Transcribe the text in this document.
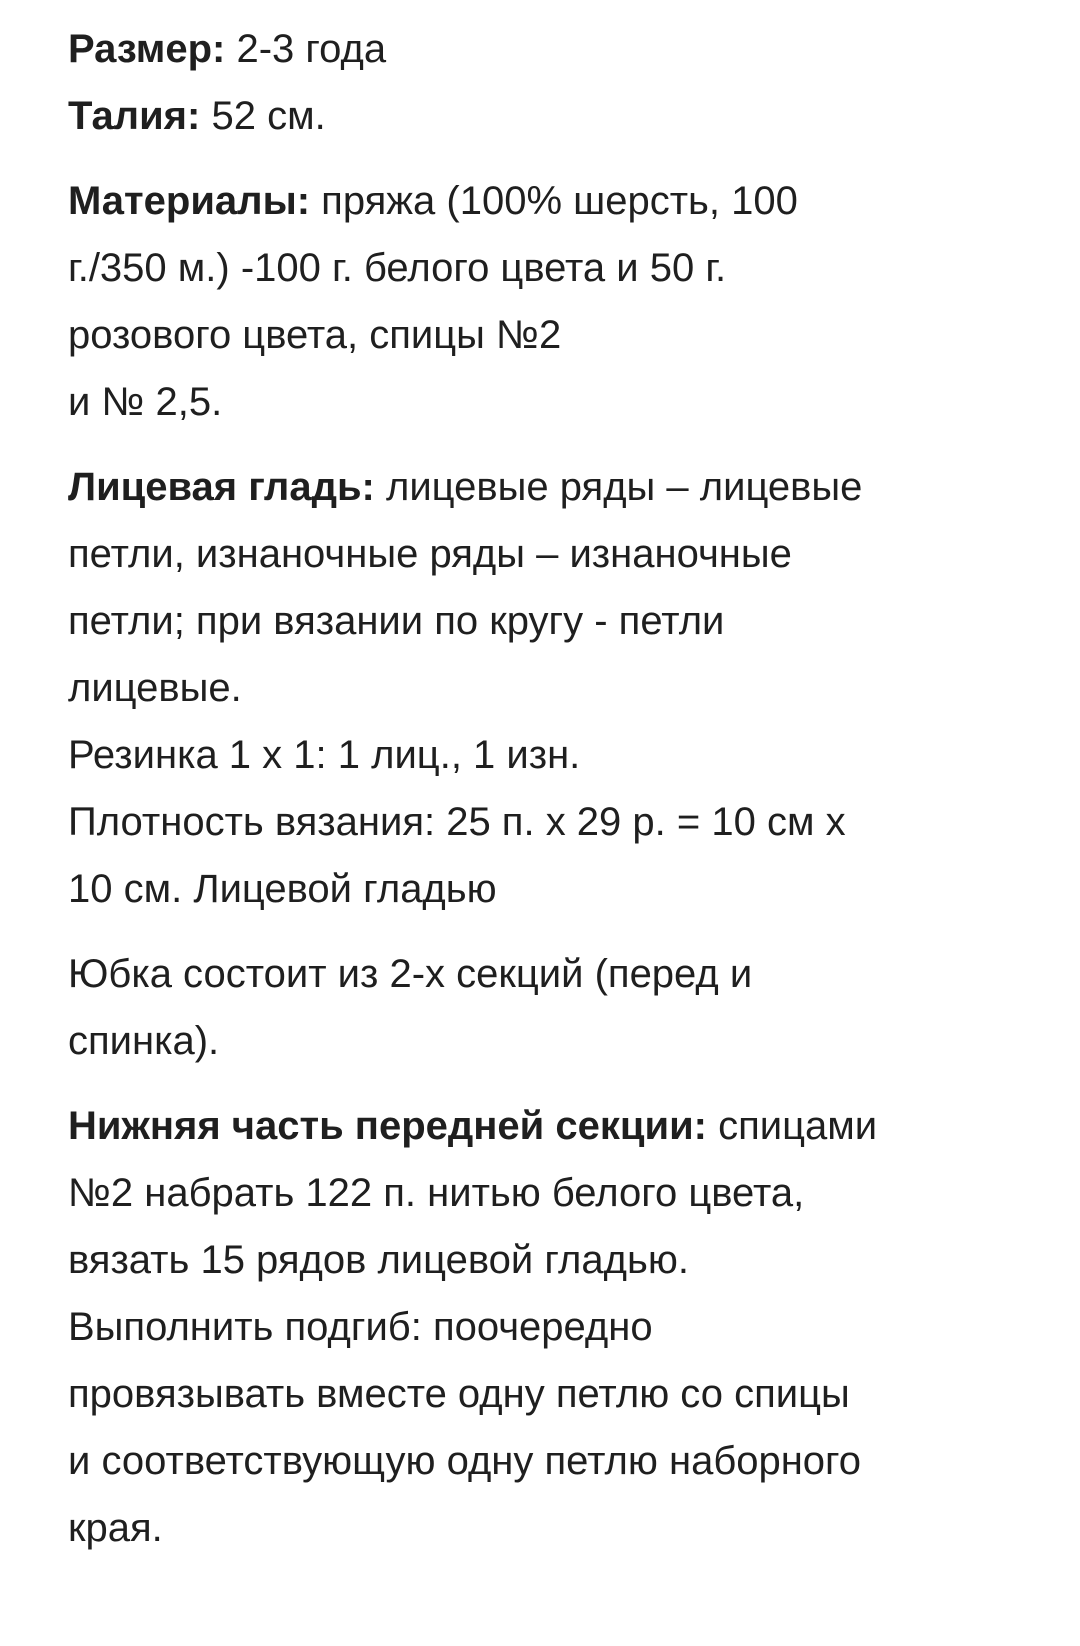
Размер: 2-3 года

Талия: 52 см.

Материалы: пряжа (100% шерсть, 100
г./350 м.) -100 г. белого цвета и 50 г.
розового цвета, спицы №2
и № 2,5.

Лицевая гладь: лицевые ряды – лицевые
петли, изнаночные ряды – изнаночные
петли; при вязании по кругу - петли
лицевые.
Резинка 1 х 1: 1 лиц., 1 изн.
Плотность вязания: 25 п. х 29 р. = 10 см х
10 см. Лицевой гладью

Юбка состоит из 2-х секций (перед и
спинка).

Нижняя часть передней секции: спицами
№2 набрать 122 п. нитью белого цвета,
вязать 15 рядов лицевой гладью.
Выполнить подгиб: поочередно
провязывать вместе одну петлю со спицы
и соответствующую одну петлю наборного
края.
